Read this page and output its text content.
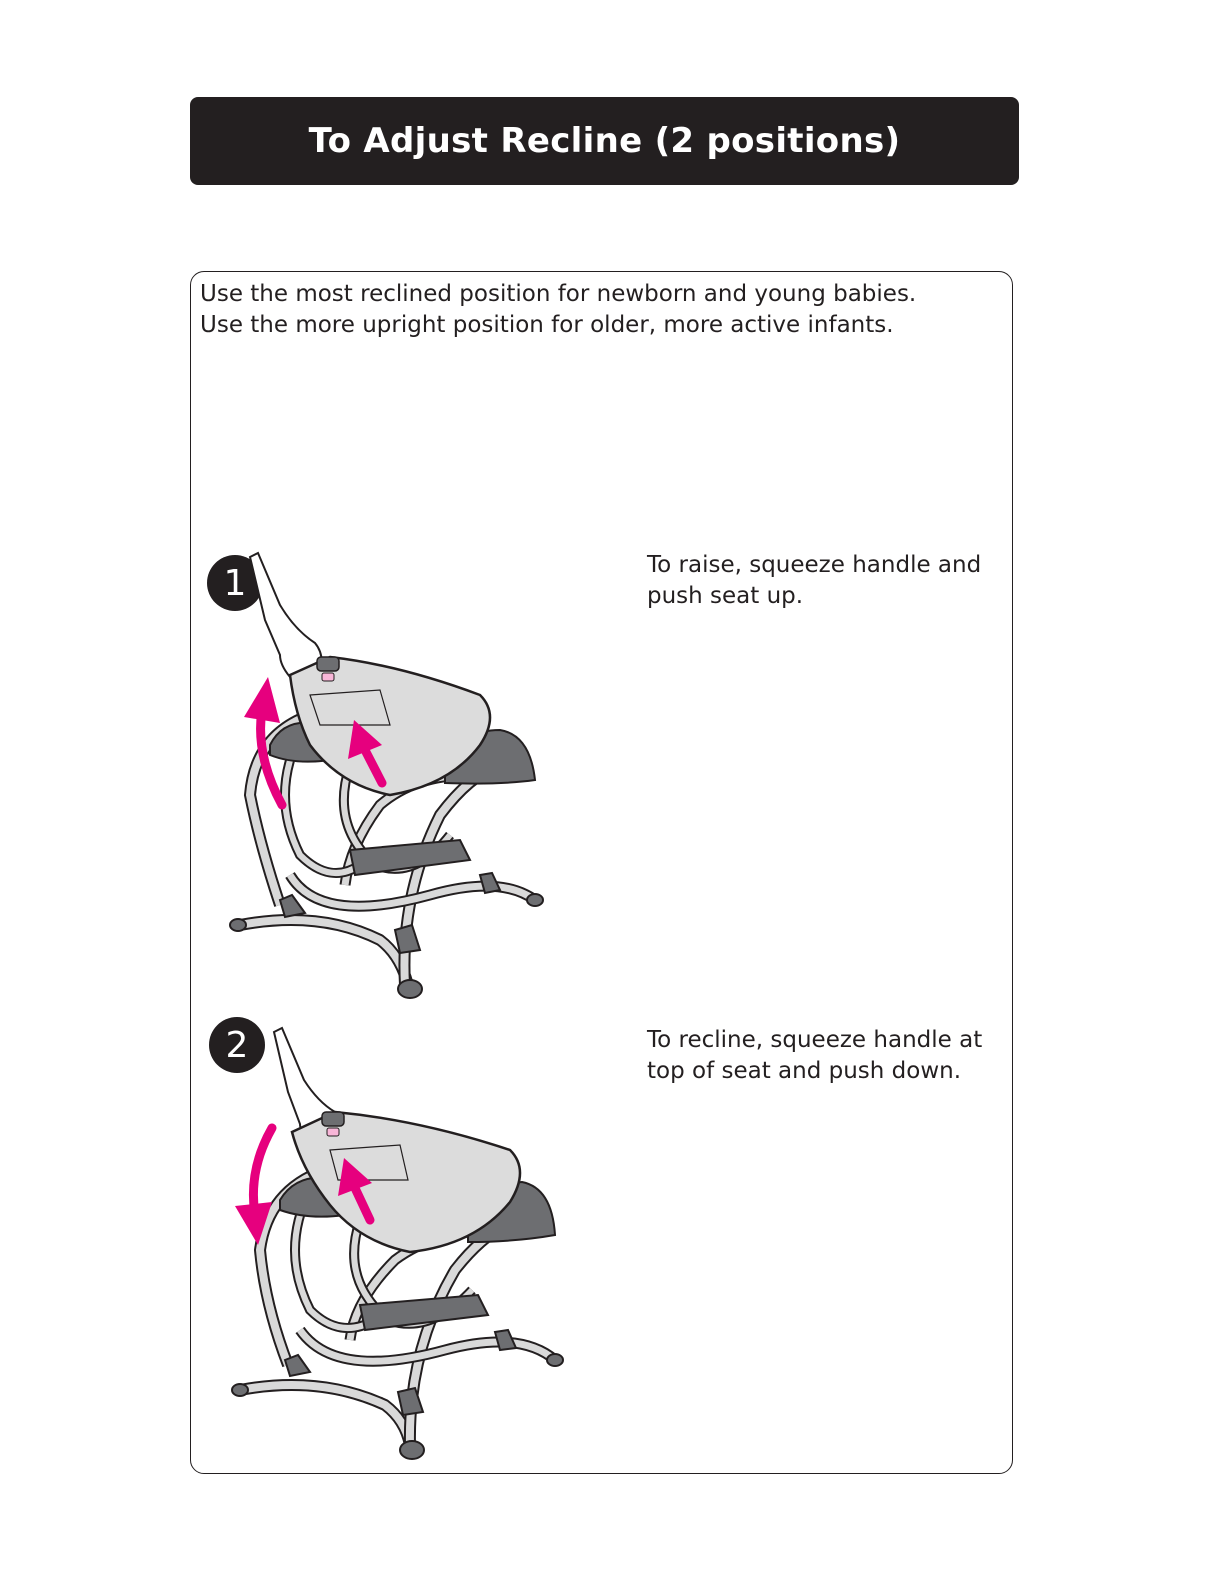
To Adjust Recline (2 positions)
Use the most reclined position for newborn and young babies.
Use the more upright position for older, more active infants.
1	To raise, squeeze handle and
push seat up.
2	To recline, squeeze handle at
top of seat and push down.
